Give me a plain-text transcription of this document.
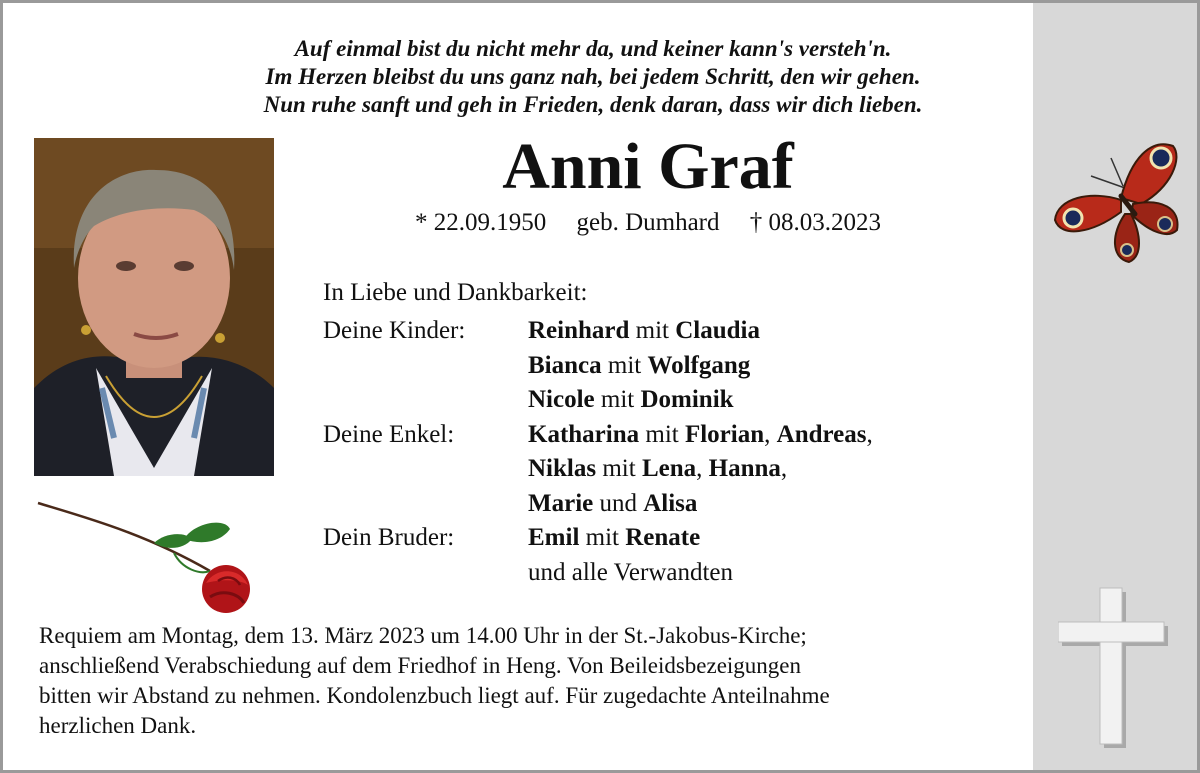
Auf einmal bist du nicht mehr da, und keiner kann's versteh'n.
Im Herzen bleibst du uns ganz nah, bei jedem Schritt, den wir gehen.
Nun ruhe sanft und geh in Frieden, denk daran, dass wir dich lieben.
Anni Graf
* 22.09.1950 geb. Dumhard † 08.03.2023
In Liebe und Dankbarkeit:
Deine Kinder:	Reinhard mit Claudia
Bianca mit Wolfgang
Nicole mit Dominik
Deine Enkel:	Katharina mit Florian, Andreas,
Niklas mit Lena, Hanna,
Marie und Alisa
Dein Bruder:	Emil mit Renate
und alle Verwandten
Requiem am Montag, dem 13. März 2023 um 14.00 Uhr in der St.-Jakobus-Kirche;
anschließend Verabschiedung auf dem Friedhof in Heng. Von Beileidsbezeigungen
bitten wir Abstand zu nehmen. Kondolenzbuch liegt auf. Für zugedachte Anteilnahme
herzlichen Dank.
